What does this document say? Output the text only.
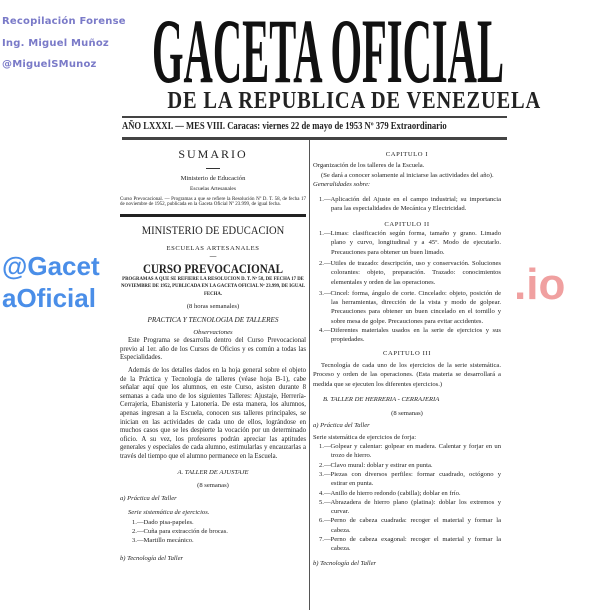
Recopilación Forense
Ing. Miguel Muñoz
@MiguelSMunoz GACETA OFICIAL
DE LA REPUBLICA DE VENEZUELA
AÑO LXXXI. — MES VIII. Caracas: viernes 22 de mayo de 1953 Nº 379 Extraordinario
SUMARIO
Ministerio de Educación
Escuelas Artesanales
Curso Prevocacional. — Programas a que se refiere la Resolución Nº D. T. 58, de fecha 17 de noviembre de 1952, publicada en la Gaceta Oficial Nº 23.999, de igual fecha.
MINISTERIO DE EDUCACION
ESCUELAS ARTESANALES
—
CURSO PREVOCACIONAL
PROGRAMAS A QUE SE REFIERE LA RESOLUCION D. T. Nº 58, DE FECHA 17 DE NOVIEMBRE DE 1952, PUBLICADA EN LA GACETA OFICIAL Nº 23.999, DE IGUAL FECHA.
(8 horas semanales)
PRACTICA Y TECNOLOGIA DE TALLERES
Observaciones
Este Programa se desarrolla dentro del Curso Prevocacional previo al 1er. año de los Cursos de Oficios y es común a todas las Especialidades.
Además de los detalles dados en la hoja general sobre el objeto de la Práctica y Tecnología de talleres (véase hoja B-1), cabe señalar aquí que los alumnos, en este Curso, asisten durante 8 semanas a cada uno de los siguientes Talleres: Ajustaje, Herrería-Cerrajería, Ebanistería y Latonería. De esta manera, los alumnos, apenas ingresan a la Escuela, conocen sus talleres principales, se inician en las actividades de cada uno de ellos, lográndose en muchos casos que se les despierte la vocación por un determinado oficio. A su vez, los profesores podrán apreciar las aptitudes generales y especiales de cada alumno, estimularlas y encauzarlas a través del tiempo que el alumno permanece en la Escuela.
A. TALLER DE AJUSTAJE
(8 semanas)
a) Práctica del Taller
Serie sistemática de ejercicios.
1.—Dado pisa-papeles.
2.—Cuña para extracción de brocas.
3.—Martillo mecánico.
b) Tecnología del Taller
CAPITULO I
Organización de los talleres de la Escuela.
(Se dará a conocer solamente al iniciarse las actividades del año).
Generalidades sobre:
1.—Aplicación del Ajuste en el campo industrial; su importancia para las especialidades de Mecánica y Electricidad.
CAPITULO II
1.—Limas: clasificación según forma, tamaño y grano. Limado plano y curvo, longitudinal y a 45º. Modo de ejecutarlo. Precauciones para obtener un buen limado.
2.—Utiles de trazado: descripción, uso y conservación. Soluciones colorantes: objeto, preparación. Trazado: conocimientos elementales y orden de las operaciones.
3.—Cincel: forma, ángulo de corte. Cincelado: objeto, posición de las herramientas, dirección de la vista y modo de golpear. Precauciones para obtener un buen cincelado en el tornillo y sobre mesa de golpe. Precauciones para evitar accidentes.
4.—Diferentes materiales usados en la serie de ejercicios y sus propiedades.
CAPITULO III
Tecnología de cada uno de los ejercicios de la serie sistemática. Proceso y orden de las operaciones. (Esta materia se desarrollará a medida que se ejecuten los diferentes ejercicios.)
B. TALLER DE HERRERIA - CERRAJERIA
(8 semanas)
a) Práctica del Taller
Serie sistemática de ejercicios de forja:
1.—Golpear y calentar: golpear en madera. Calentar y forjar en un trozo de hierro.
2.—Clavo mural: doblar y estirar en punta.
3.—Piezas con diversos perfiles: formar cuadrado, octógono y estirar en punta.
4.—Anillo de hierro redondo (cabilla); doblar en frío.
5.—Abrazadera de hierro plano (platina): doblar los extremos y curvar.
6.—Perno de cabeza cuadrada: recoger el material y formar la cabeza.
7.—Perno de cabeza exagonal: recoger el material y formar la cabeza.
b) Tecnología del Taller
@GacetaOficial	.io
